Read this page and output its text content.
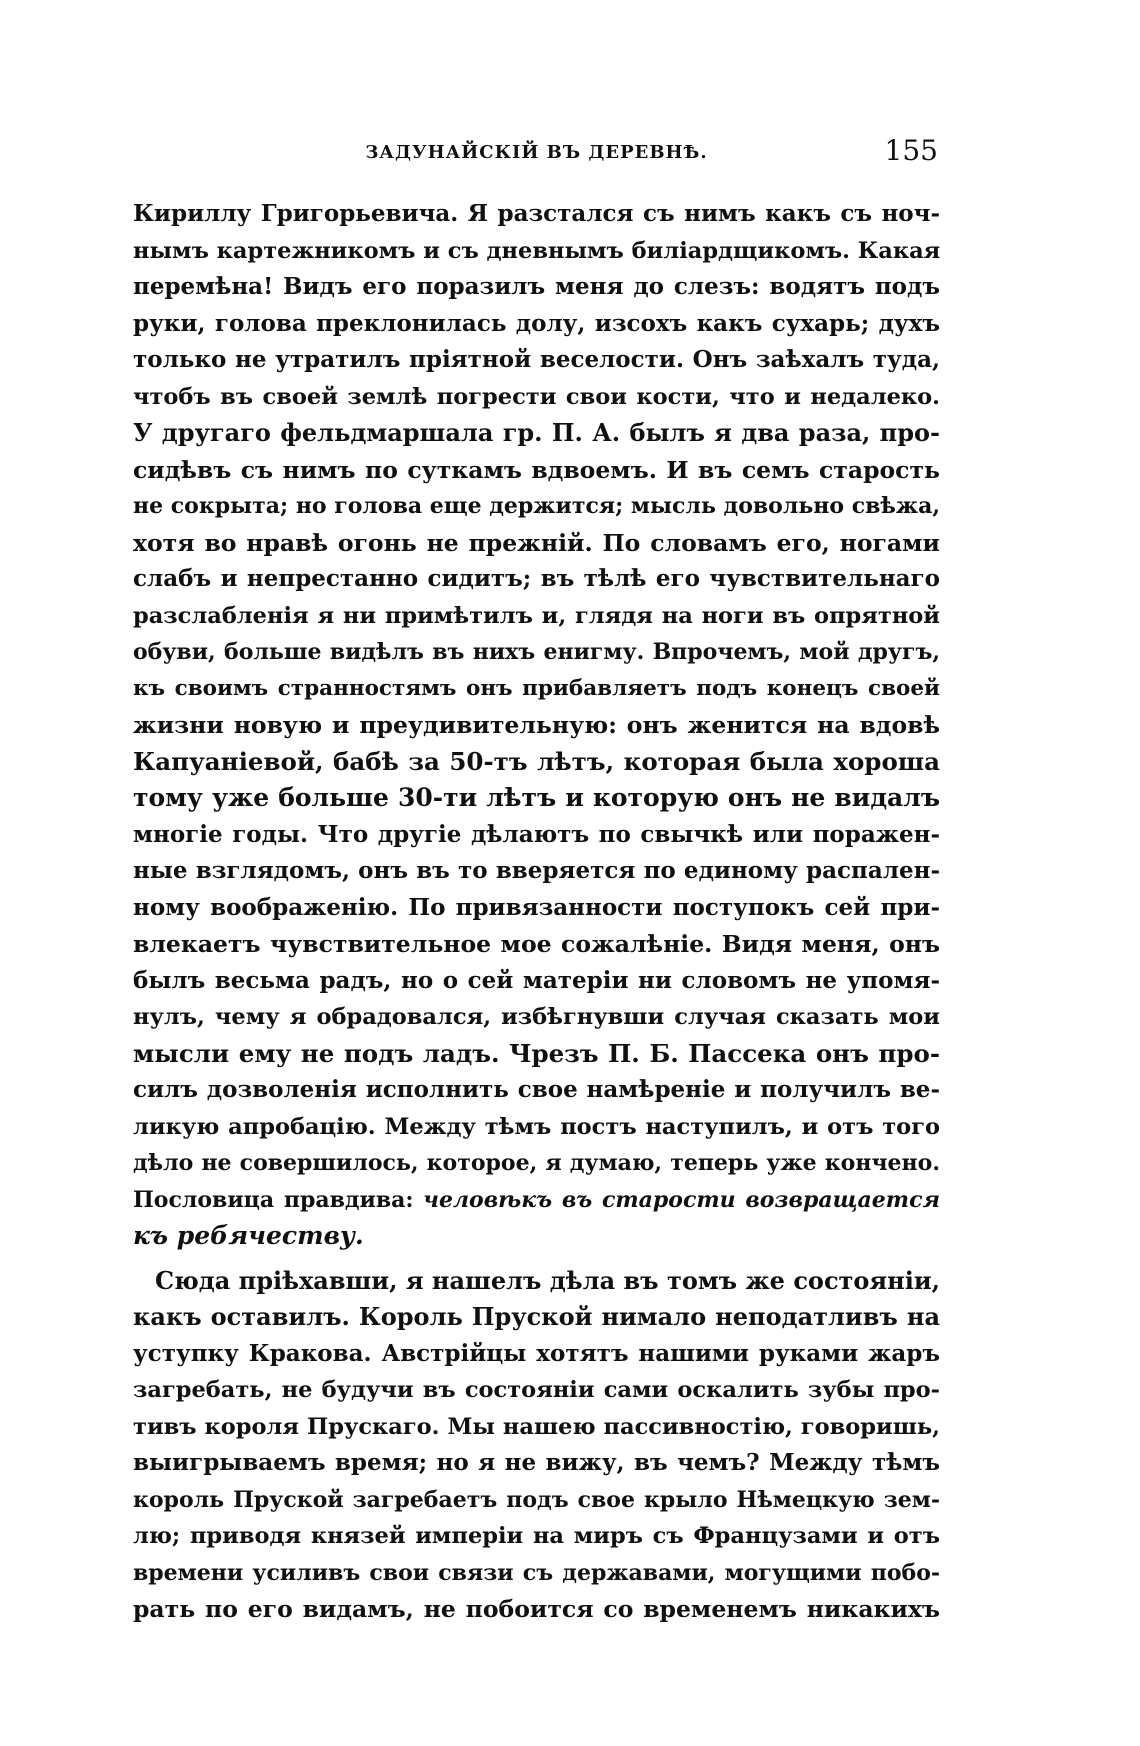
ЗАДУНАЙСКІЙ ВЪ ДЕРЕВНѢ.	155
Кириллу Григорьевича. Я разстался съ нимъ какъ съ ноч-
нымъ картежникомъ и съ дневнымъ биліардщикомъ. Какая
перемѣна! Видъ его поразилъ меня до слезъ: водятъ подъ
руки, голова преклонилась долу, изсохъ какъ сухарь; духъ
только не утратилъ пріятной веселости. Онъ заѣхалъ туда,
чтобъ въ своей землѣ погрести свои кости, что и недалеко.
У другаго фельдмаршала гр. П. А. былъ я два раза, про-
сидѣвъ съ нимъ по суткамъ вдвоемъ. И въ семъ старость
не сокрыта; но голова еще держится; мысль довольно свѣжа,
хотя во нравѣ огонь не прежній. По словамъ его, ногами
слабъ и непрестанно сидитъ; въ тѣлѣ его чувствительнаго
разслабленія я ни примѣтилъ и, глядя на ноги въ опрятной
обуви, больше видѣлъ въ нихъ енигму. Впрочемъ, мой другъ,
къ своимъ странностямъ онъ прибавляетъ подъ конецъ своей
жизни новую и преудивительную: онъ женится на вдовѣ
Капуаніевой, бабѣ за 50-тъ лѣтъ, которая была хороша
тому уже больше 30-ти лѣтъ и которую онъ не видалъ
многіе годы. Что другіе дѣлаютъ по свычкѣ или поражен-
ные взглядомъ, онъ въ то вверяется по единому распален-
ному воображенію. По привязанности поступокъ сей при-
влекаетъ чувствительное мое сожалѣніе. Видя меня, онъ
былъ весьма радъ, но о сей матеріи ни словомъ не упомя-
нулъ, чему я обрадовался, избѣгнувши случая сказать мои
мысли ему не подъ ладъ. Чрезъ П. Б. Пассека онъ про-
силъ дозволенія исполнить свое намѣреніе и получилъ ве-
ликую апробацію. Между тѣмъ постъ наступилъ, и отъ того
дѣло не совершилось, которое, я думаю, теперь уже кончено.
Пословица правдива: человѣкъ въ старости возвращается
къ ребячеству.
Сюда пріѣхавши, я нашелъ дѣла въ томъ же состояніи,
какъ оставилъ. Король Пруской нимало неподатливъ на
уступку Кракова. Австрійцы хотятъ нашими руками жаръ
загребать, не будучи въ состояніи сами оскалить зубы про-
тивъ короля Прускаго. Мы нашею пассивностію, говоришь,
выигрываемъ время; но я не вижу, въ чемъ? Между тѣмъ
король Пруской загребаетъ подъ свое крыло Нѣмецкую зем-
лю; приводя князей имперіи на миръ съ Французами и отъ
времени усиливъ свои связи съ державами, могущими побо-
рать по его видамъ, не побоится со временемъ никакихъ
